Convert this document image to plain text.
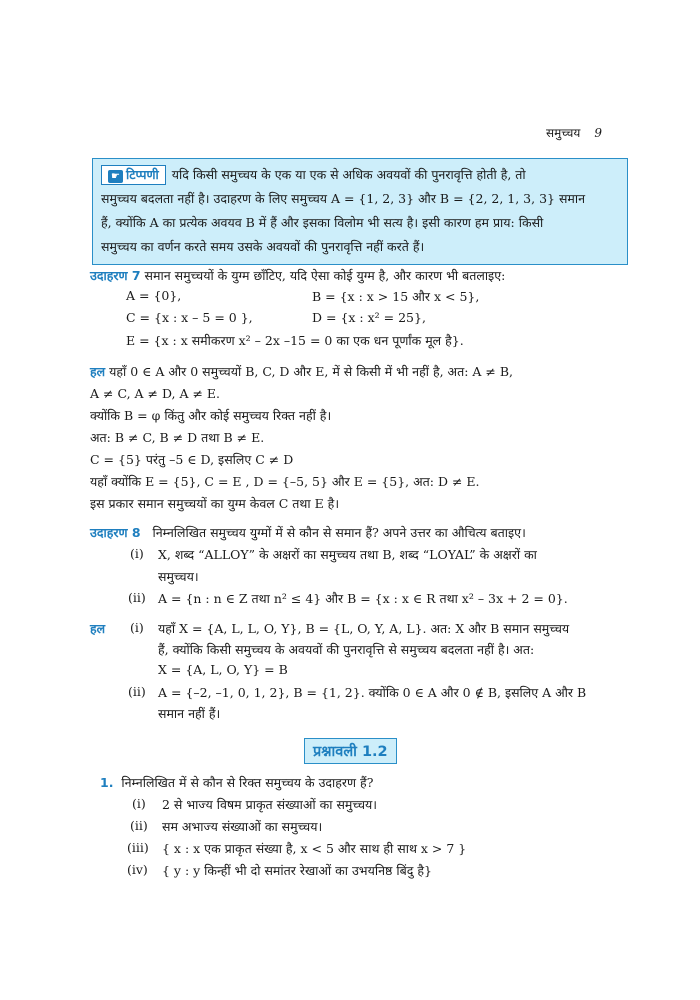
समुच्चय 9
☛ टिप्पणी यदि किसी समुच्चय के एक या एक से अधिक अवयवों की पुनरावृत्ति होती है, तो
समुच्चय बदलता नहीं है। उदाहरण के लिए समुच्चय A = {1, 2, 3} और B = {2, 2, 1, 3, 3} समान
हैं, क्योंकि A का प्रत्येक अवयव B में हैं और इसका विलोम भी सत्य है। इसी कारण हम प्राय: किसी
समुच्चय का वर्णन करते समय उसके अवयवों की पुनरावृत्ति नहीं करते हैं।
उदाहरण 7 समान समुच्चयों के युग्म छाँटिए, यदि ऐसा कोई युग्म है, और कारण भी बतलाइए:
A = {0},	B = {x : x > 15 और x < 5},
C = {x : x – 5 = 0 },	D = {x : x² = 25},
E = {x : x समीकरण x² – 2x –15 = 0 का एक धन पूर्णांक मूल है}.
हल यहाँ 0 ∈ A और 0 समुच्चयों B, C, D और E, में से किसी में भी नहीं है, अत: A ≠ B,
A ≠ C, A ≠ D, A ≠ E.
क्योंकि B = φ किंतु और कोई समुच्चय रिक्त नहीं है।
अत: B ≠ C, B ≠ D तथा B ≠ E.
C = {5} परंतु –5 ∈ D, इसलिए C ≠ D
यहाँ क्योंकि E = {5}, C = E , D = {–5, 5} और E = {5}, अत: D ≠ E.
इस प्रकार समान समुच्चयों का युग्म केवल C तथा E है।
उदाहरण 8 निम्नलिखित समुच्चय युग्मों में से कौन से समान हैं? अपने उत्तर का औचित्य बताइए।
(i) X, शब्द “ALLOY” के अक्षरों का समुच्चय तथा B, शब्द “LOYAL” के अक्षरों का
समुच्चय।
(ii) A = {n : n ∈ Z तथा n² ≤ 4} और B = {x : x ∈ R तथा x² – 3x + 2 = 0}.
हल (i) यहाँ X = {A, L, L, O, Y}, B = {L, O, Y, A, L}. अत: X और B समान समुच्चय
हैं, क्योंकि किसी समुच्चय के अवयवों की पुनरावृत्ति से समुच्चय बदलता नहीं है। अत:
X = {A, L, O, Y} = B
(ii) A = {–2, –1, 0, 1, 2}, B = {1, 2}. क्योंकि 0 ∈ A और 0 ∉ B, इसलिए A और B
समान नहीं हैं।
प्रश्नावली 1.2
1. निम्नलिखित में से कौन से रिक्त समुच्चय के उदाहरण हैं?
(i) 2 से भाज्य विषम प्राकृत संख्याओं का समुच्चय।
(ii) सम अभाज्य संख्याओं का समुच्चय।
(iii) { x : x एक प्राकृत संख्या है, x < 5 और साथ ही साथ x > 7 }
(iv) { y : y किन्हीं भी दो समांतर रेखाओं का उभयनिष्ठ बिंदु है}
